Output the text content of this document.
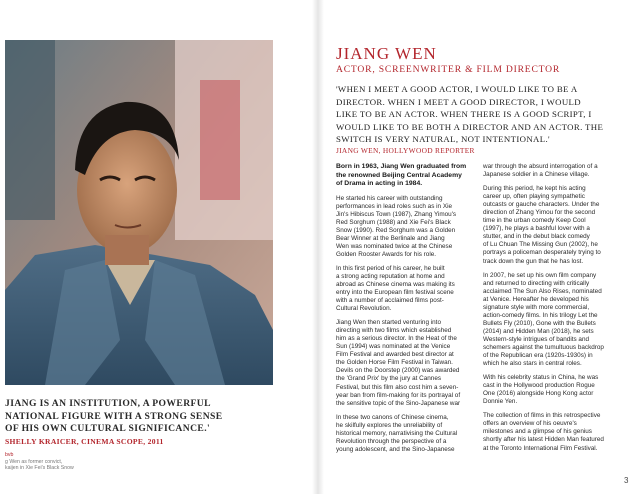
JIANG IS AN INSTITUTION, A POWERFUL

NATIONAL FIGURE WITH A STRONG SENSE

OF HIS OWN CULTURAL SIGNIFICANCE.'

SHELLY KRAICER, CINEMA SCOPE, 2011
bvb
g Wen as former convict,
kaijen in Xie Fei's Black Snow
JIANG WEN
ACTOR, SCREENWRITER & FILM DIRECTOR
'WHEN I MEET A GOOD ACTOR, I WOULD LIKE TO BE A
DIRECTOR. WHEN I MEET A GOOD DIRECTOR, I WOULD
LIKE TO BE AN ACTOR. WHEN THERE IS A GOOD SCRIPT, I
WOULD LIKE TO BE BOTH A DIRECTOR AND AN ACTOR. THE
SWITCH IS VERY NATURAL, NOT INTENTIONAL.'
JIANG WEN, HOLLYWOOD REPORTER
Born in 1963, Jiang Wen graduated from
the renowned Beijing Central Academy
of Drama in acting in 1984.
He started his career with outstanding
performances in lead roles such as in Xie
Jin's Hibiscus Town (1987), Zhang Yimou's
Red Sorghum (1988) and Xie Fei's Black
Snow (1990). Red Sorghum was a Golden
Bear Winner at the Berlinale and Jiang
Wen was nominated twice at the Chinese
Golden Rooster Awards for his role.
In this first period of his career, he built
a strong acting reputation at home and
abroad as Chinese cinema was making its
entry into the European film festival scene
with a number of acclaimed films post-
Cultural Revolution.
Jiang Wen then started venturing into
directing with two films which established
him as a serious director. In the Heat of the
Sun (1994) was nominated at the Venice
Film Festival and awarded best director at
the Golden Horse Film Festival in Taiwan.
Devils on the Doorstep (2000) was awarded
the 'Grand Prix' by the jury at Cannes
Festival, but this film also cost him a seven-
year ban from film-making for its portrayal of
the sensitive topic of the Sino-Japanese war
In these two canons of Chinese cinema,
he skilfully explores the unreliability of
historical memory, narrativising the Cultural
Revolution through the perspective of a
young adolescent, and the Sino-Japanese
war through the absurd interrogation of a
Japanese soldier in a Chinese village.
During this period, he kept his acting
career up, often playing sympathetic
outcasts or gauche characters. Under the
direction of Zhang Yimou for the second
time in the urban comedy Keep Cool
(1997), he plays a bashful lover with a
stutter, and in the debut black comedy
of Lu Chuan The Missing Gun (2002), he
portrays a policeman desperately trying to
track down the gun that he has lost.
In 2007, he set up his own film company
and returned to directing with critically
acclaimed The Sun Also Rises, nominated
at Venice. Hereafter he developed his
signature style with more commercial,
action-comedy films. In his trilogy Let the
Bullets Fly (2010), Gone with the Bullets
(2014) and Hidden Man (2018), he sets
Western-style intrigues of bandits and
schemers against the tumultuous backdrop
of the Republican era (1920s-1930s) in
which he also stars in central roles.
With his celebrity status in China, he was
cast in the Hollywood production Rogue
One (2016) alongside Hong Kong actor
Donnie Yen.
The collection of films in this retrospective
offers an overview of his oeuvre's
milestones and a glimpse of his genius
shortly after his latest Hidden Man featured
at the Toronto International Film Festival.
3
